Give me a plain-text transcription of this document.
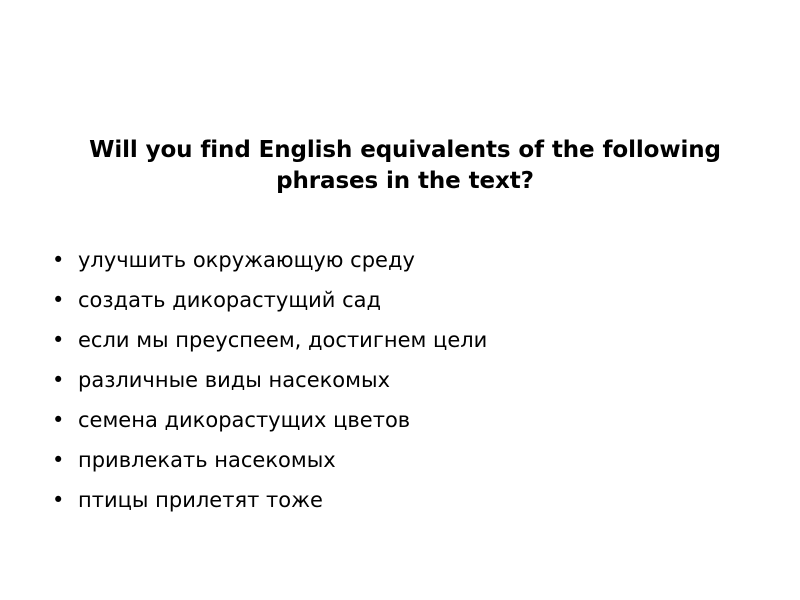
Will you find English equivalents of the following phrases in the text?
• улучшить окружающую среду
• создать дикорастущий сад
• если мы преуспеем, достигнем цели
• различные виды насекомых
• семена дикорастущих цветов
• привлекать насекомых
• птицы прилетят тоже
